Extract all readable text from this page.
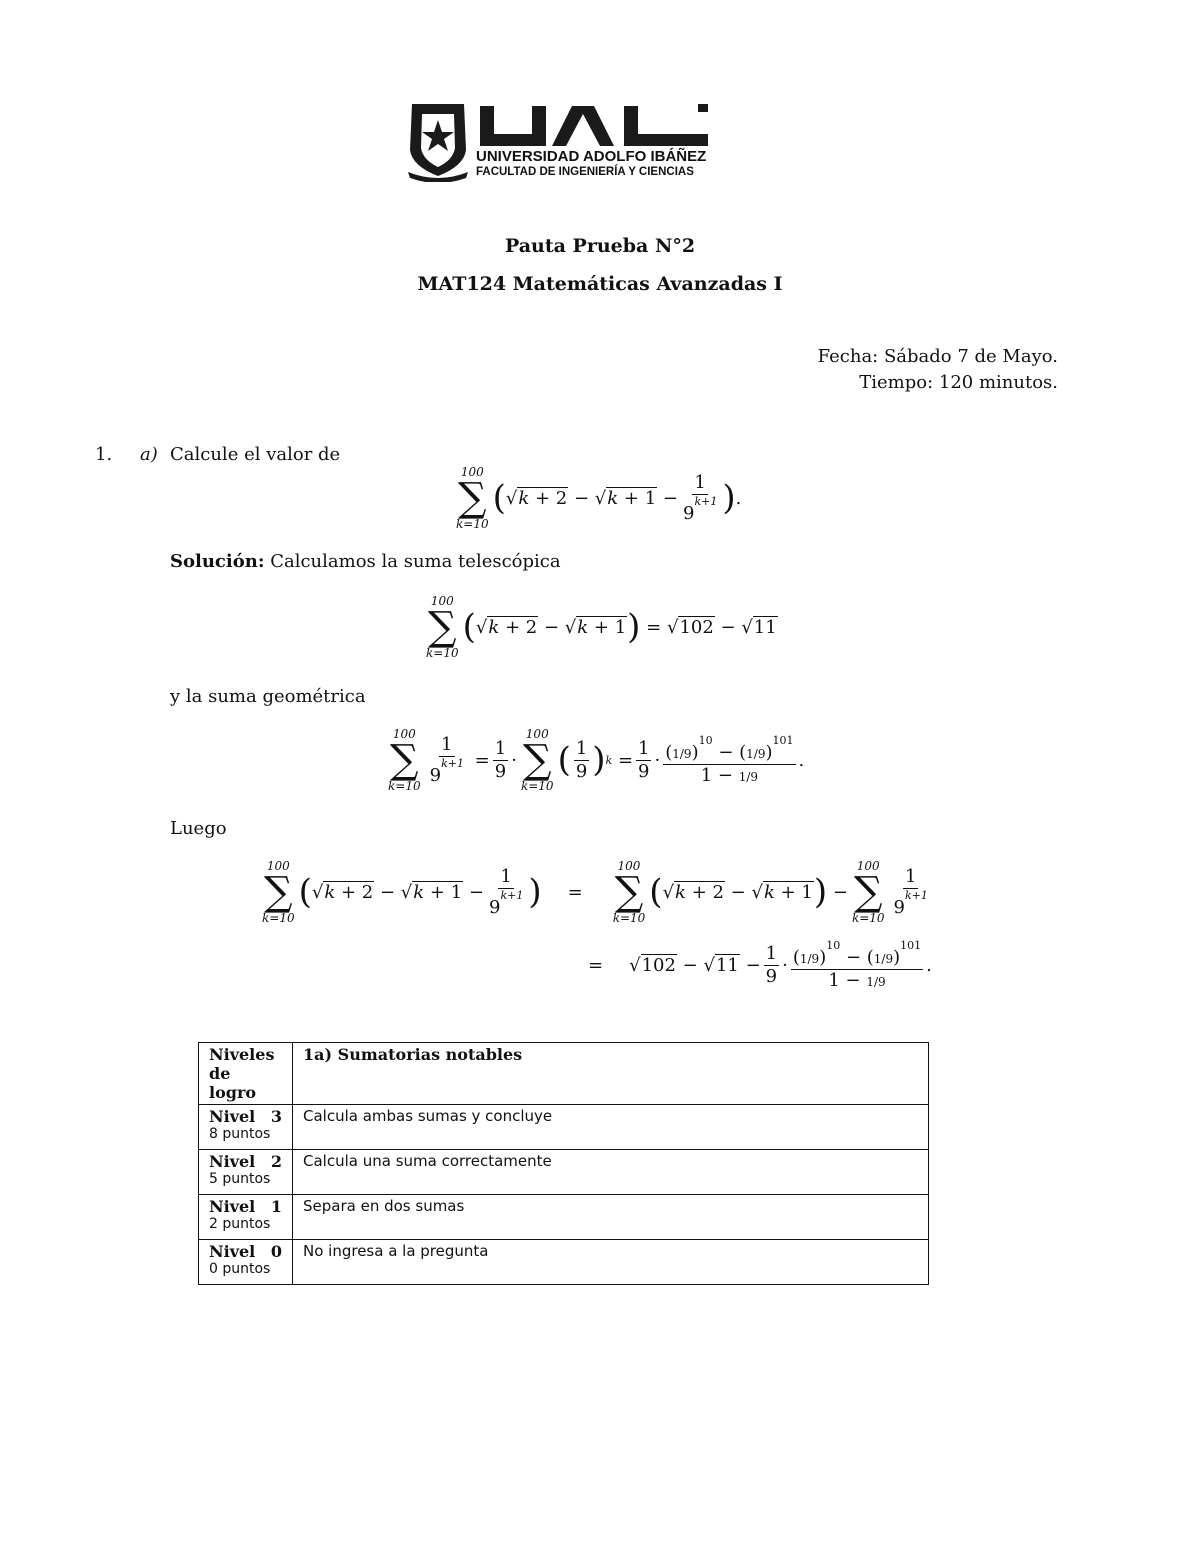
UNIVERSIDAD ADOLFO IBÁÑEZ
FACULTAD DE INGENIERÍA Y CIENCIAS
Pauta Prueba N°2
MAT124 Matemáticas Avanzadas I
Fecha: Sábado 7 de Mayo.
Tiempo: 120 minutos.
1. a) Calcule el valor de
100
∑
k=10
( √ k + 2 − √ $k + 1 - \frac{1}{9^{k+1}}$ ) .
Solución: Calculamos la suma telescópica
100
∑
k=10
( √ k + 2 − √ k + 1 ) = √ 102 − √ 11
y la suma geométrica
100
∑
k=10
$\frac{1}{9^{k+1}} = \frac{1}{9}$ ·
100
∑
k=10
( $\frac{1}{9}$ ) $k = \frac{1}{9} \cdot \frac{(1/9)^{10} - (1/9)^{101}}{1 - 1/9}$ .
Luego
100
∑
k=10
( √ k + 2 − √ $k + 1 - \frac{1}{9^{k+1}}$ ) =
100
∑
k=10
( √ k + 2 − √ k + 1 ) −
100
∑
k=10
$\frac{1}{9^{k+1}}$
= √ 102 − √ $11 - \frac{1}{9} \cdot \frac{(1/9)^{10} - (1/9)^{101}}{1 - 1/9}$ .
Niveles de logro	1a) Sumatorias notables

Nivel 3
8 puntos	Calcula ambas sumas y concluye

Nivel 2
5 puntos	Calcula una suma correctamente

Nivel 1
2 puntos	Separa en dos sumas

Nivel 0
0 puntos	No ingresa a la pregunta
